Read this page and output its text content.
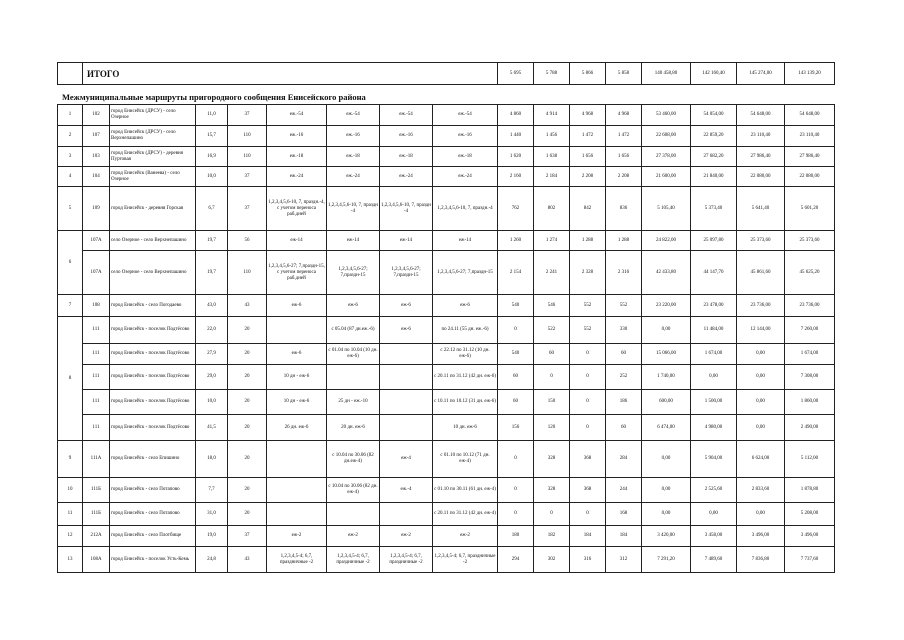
	ИТОГО								5 695	5 788	5 866	5 858	140 458,80	142 160,40	145 274,00	143 139,20

1	102	город Енисейск (ДРСУ) - село Озерное	11,0	37	еж.-54	еж.-54	еж.-54	еж.-54	4 860	4 914	4 968	4 968	53 460,00	54 054,00	54 648,00	54 648,00
2	107	город Енисейск (ДРСУ) - село Верхнепашино	15,7	110	еж.-16	еж.-16	еж.-16	еж.-16	1 440	1 456	1 472	1 472	22 608,00	22 859,20	23 110,40	23 110,40
3	103	город Енисейск (ДРСУ) - деревня Пуртовая	16,9	110	еж.-18	еж.-18	еж.-18	еж.-18	1 620	1 638	1 656	1 656	27 378,00	27 682,20	27 986,40	27 986,40
4	104	город Енисейск (Ванеева) - село Озерное	10,0	37	еж.-24	еж.-24	еж.-24	еж.-24	2 160	2 184	2 208	2 208	21 600,00	21 840,00	22 080,00	22 080,00
5	109	город Енисейск - деревня Горская	6,7	37	1,2,3,4,5,6-10, 7, праздн.-4, с учетом переноса раб.дней	1,2,3,4,5,6-10, 7, праздн -4	1,2,3,4,5,6-10, 7, праздн -4	1,2,3,4,5,6-10, 7, праздн.-4	762	802	842	836	5 105,40	5 373,40	5 641,40	5 601,20
6	107А	село Озерное - село Верхнепашино	19,7	56	еж-14	еж-14	еж-14	еж-14	1 260	1 274	1 288	1 288	24 822,00	25 097,80	25 373,60	25 373,60
	107А	село Озерное - село Верхнепашино	19,7	110	1,2,3,4,5,6-27; 7,праздн-15, с учетом переноса раб.дней	1,2,3,4,5,6-27; 7,праздн-15	1,2,3,4,5,6-27; 7,праздн-15	1,2,3,4,5,6-27; 7,праздн-15	2 154	2 241	2 328	2 316	42 433,80	44 147,70	45 861,60	45 625,20
7	108	город Енисейск - село Погодаево	43,0	43	еж-6	еж-6	еж-6	еж-6	540	546	552	552	23 220,00	23 478,00	23 736,00	23 736,00
8	111	город Енисейск - поселок Подтёсово	22,0	20		с 05.04 (87 дн.еж.-6)	еж-6	по 24.11 (55 дн. еж.-6)	0	522	552	330	0,00	11 484,00	12 144,00	7 260,00
	111	город Енисейск - поселок Подтёсово	27,9	20	еж-6	с 01.04 по 10.04 (10 дн. еж-6)		с 22.12 по 31.12 (10 дн. еж-6)	540	60	0	60	15 066,00	1 674,00	0,00	1 674,00
	111	город Енисейск - поселок Подтёсово	29,0	20	10 дн - еж-6			с 20.11 по 31.12 (42 дн. еж-6)	60	0	0	252	1 740,00	0,00	0,00	7 308,00
	111	город Енисейск - поселок Подтёсово	10,0	20	10 дн - еж-6	25 дн - еж.-10		с 10.11 по 10.12 (31 дн. еж-6)	60	150	0	186	600,00	1 500,00	0,00	1 860,00
	111	город Енисейск - поселок Подтёсово	41,5	20	26 дн. еж-6	20 дн. еж-6		10 дн. еж-6	156	120	0	60	6 474,00	4 980,00	0,00	2 490,00
9	111А	город Енисейск - село Епишино	18,0	20		с 10.04 по 30.06 (82 дн.еж-4)	еж-4	с 01.10 по 10.12 (71 дн. еж-4)	0	328	368	284	0,00	5 904,00	6 624,00	5 112,00
10	111Б	город Енисейск - село Потапово	7,7	20		с 10.04 по 30.06 (82 дн. еж-4)	еж.-4	с 01.10 по 30.11 (61 дн. еж-4)	0	328	368	244	0,00	2 525,60	2 833,60	1 878,80
11	111Б	город Енисейск - село Потапово	31,0	20				с 20.11 по 31.12 (42 дн. еж-4)	0	0	0	168	0,00	0,00	0,00	5 208,00
12	212А	город Енисейск - село Плотбище	19,0	37	еж-2	еж-2	еж-2	еж-2	180	182	184	184	3 420,00	3 458,00	3 496,00	3 496,00
13	108А	город Енисейск - поселок Усть-Кемь	24,8	43	1,2,3,4,5-4; 6,7, праздничные -2	1,2,3,4,5-4; 6,7, праздничные -2	1,2,3,4,5-4; 6,7, праздничные -2	1,2,3,4,5-4; 6,7, праздничные -2	294	302	316	312	7 291,20	7 489,60	7 836,80	7 737,60
Межмуниципальные маршруты пригородного сообщения Енисейского района
